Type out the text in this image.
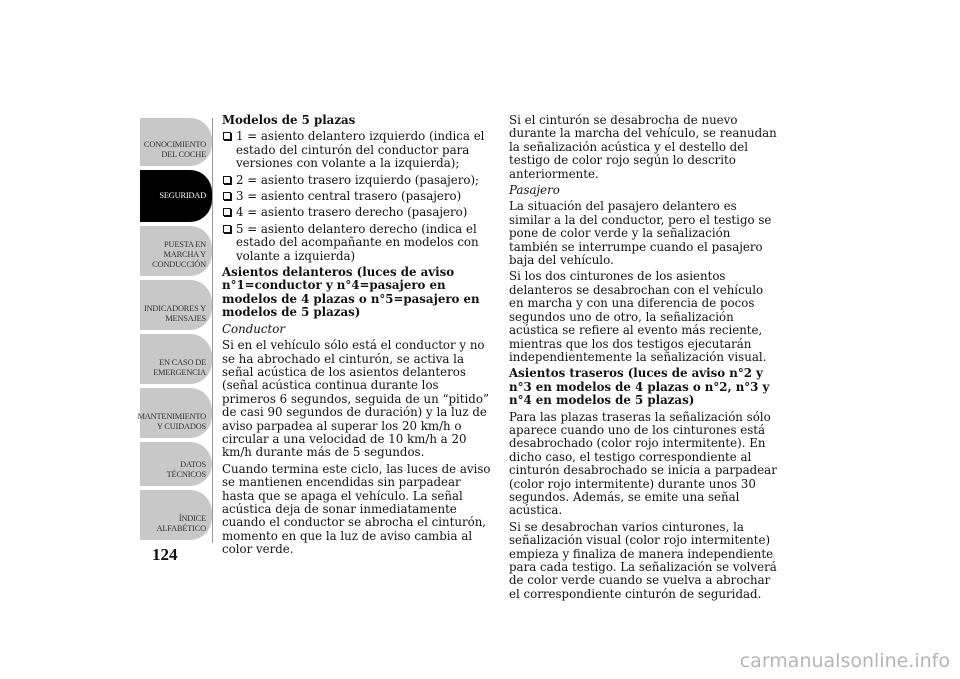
CONOCIMIENTO DEL COCHE
SEGURIDAD
PUESTA EN MARCHA Y CONDUCCIÓN
INDICADORES Y MENSAJES
EN CASO DE EMERGENCIA
MANTENIMIENTO Y CUIDADOS
DATOS TÉCNICOS
ÍNDICE ALFABÉTICO
124
Modelos de 5 plazas
1 = asiento delantero izquierdo (indica el estado del cinturón del conductor para versiones con volante a la izquierda);
2 = asiento trasero izquierdo (pasajero);
3 = asiento central trasero (pasajero)
4 = asiento trasero derecho (pasajero)
5 = asiento delantero derecho (indica el estado del acompañante en modelos con volante a izquierda)
Asientos delanteros (luces de aviso n°1=conductor y n°4=pasajero en modelos de 4 plazas o n°5=pasajero en modelos de 5 plazas)
Conductor

Si en el vehículo sólo está el conductor y no se ha abrochado el cinturón, se activa la señal acústica de los asientos delanteros (señal acústica continua durante los primeros 6 segundos, seguida de un “pitido” de casi 90 segundos de duración) y la luz de aviso parpadea al superar los 20 km/h o circular a una velocidad de 10 km/h a 20 km/h durante más de 5 segundos.

Cuando termina este ciclo, las luces de aviso se mantienen encendidas sin parpadear hasta que se apaga el vehículo. La señal acústica deja de sonar inmediatamente cuando el conductor se abrocha el cinturón, momento en que la luz de aviso cambia al color verde.

Si el cinturón se desabrocha de nuevo durante la marcha del vehículo, se reanudan la señalización acústica y el destello del testigo de color rojo según lo descrito anteriormente.

Pasajero

La situación del pasajero delantero es similar a la del conductor, pero el testigo se pone de color verde y la señalización también se interrumpe cuando el pasajero baja del vehículo.

Si los dos cinturones de los asientos delanteros se desabrochan con el vehículo en marcha y con una diferencia de pocos segundos uno de otro, la señalización acústica se refiere al evento más reciente, mientras que los dos testigos ejecutarán independientemente la señalización visual.

Asientos traseros (luces de aviso n°2 y n°3 en modelos de 4 plazas o n°2, n°3 y n°4 en modelos de 5 plazas)

Para las plazas traseras la señalización sólo aparece cuando uno de los cinturones está desabrochado (color rojo intermitente). En dicho caso, el testigo correspondiente al cinturón desabrochado se inicia a parpadear (color rojo intermitente) durante unos 30 segundos. Además, se emite una señal acústica.

Si se desabrochan varios cinturones, la señalización visual (color rojo intermitente) empieza y finaliza de manera independiente para cada testigo. La señalización se volverá de color verde cuando se vuelva a abrochar el correspondiente cinturón de seguridad.

carmanualsonline.info
